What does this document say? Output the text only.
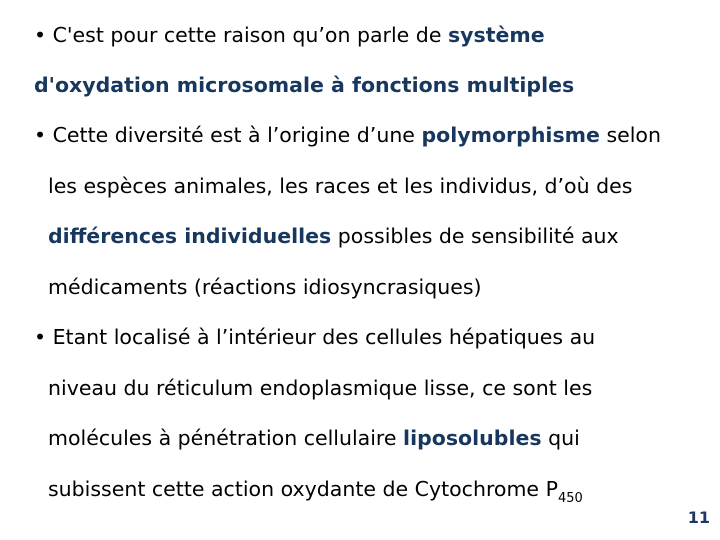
• C'est pour cette raison qu’on parle de système
d'oxydation microsomale à fonctions multiples
• Cette diversité est à l’origine d’une polymorphisme selon
les espèces animales, les races et les individus, d’où des
différences individuelles possibles de sensibilité aux
médicaments (réactions idiosyncrasiques)
• Etant localisé à l’intérieur des cellules hépatiques au
niveau du réticulum endoplasmique lisse, ce sont les
molécules à pénétration cellulaire liposolubles qui
subissent cette action oxydante de Cytochrome $P_{450}$
11
